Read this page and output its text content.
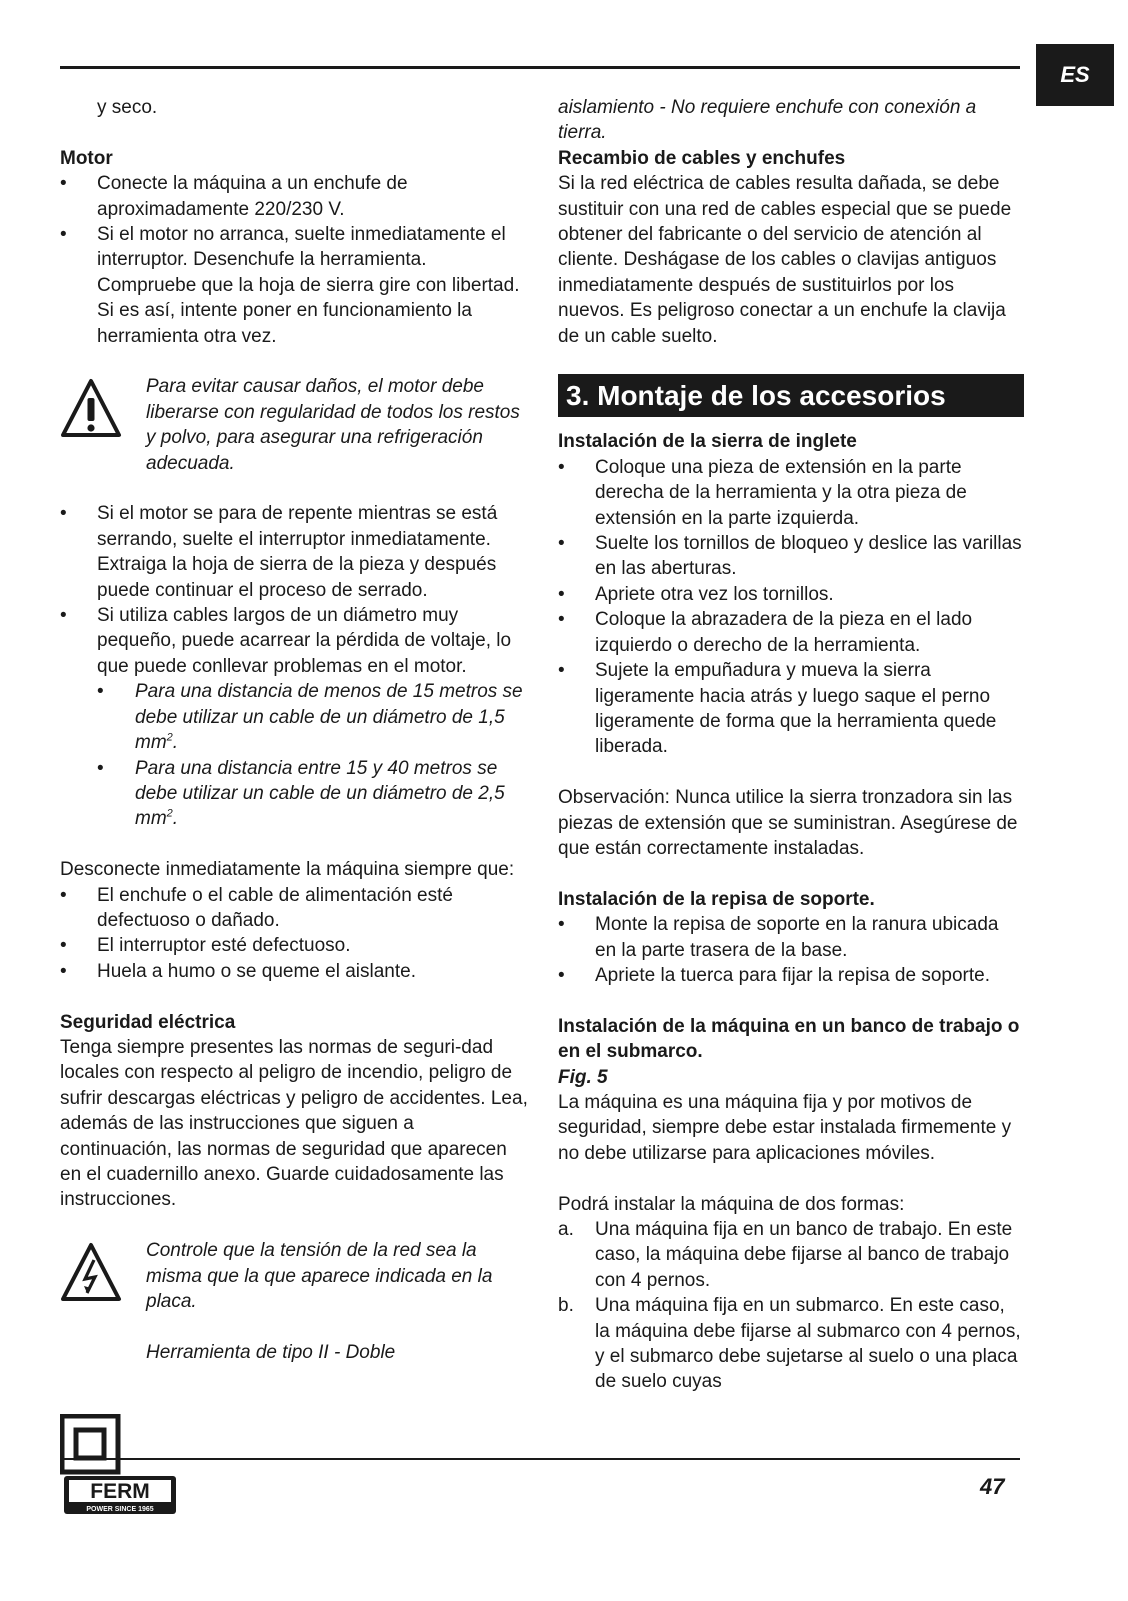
ES

y seco.

Motor

•	Conecte la máquina a un enchufe de aproximadamente 220/230 V.
•	Si el motor no arranca, suelte inmediatamente el interruptor. Desenchufe la herramienta. Compruebe que la hoja de sierra gire con libertad. Si es así, intente poner en funcionamiento la herramienta otra vez.
Para evitar causar daños, el motor debe liberarse con regularidad de todos los restos y polvo, para asegurar una refrigeración adecuada.
•	Si el motor se para de repente mientras se está serrando, suelte el interruptor inmediatamente. Extraiga la hoja de sierra de la pieza y después puede continuar el proceso de serrado.
•	Si utiliza cables largos de un diámetro muy pequeño, puede acarrear la pérdida de voltaje, lo que puede conllevar problemas en el motor.
•	Para una distancia de menos de 15 metros se debe utilizar un cable de un diámetro de 1,5 $mm^2$.
•	Para una distancia entre 15 y 40 metros se debe utilizar un cable de un diámetro de 2,5 $mm^2$.

Desconecte inmediatamente la máquina siempre que:

•	El enchufe o el cable de alimentación esté defectuoso o dañado.
•	El interruptor esté defectuoso.
•	Huela a humo o se queme el aislante.

Seguridad eléctrica

Tenga siempre presentes las normas de seguri-dad locales con respecto al peligro de incendio, peligro de sufrir descargas eléctricas y peligro de accidentes. Lea, además de las instrucciones que siguen a continuación, las normas de seguridad que aparecen en el cuadernillo anexo. Guarde cuidadosamente las instrucciones.

Controle que la tensión de la red sea la misma que la que aparece indicada en la placa.
Herramienta de tipo II - Doble

aislamiento - No requiere enchufe con conexión a tierra.

Recambio de cables y enchufes

Si la red eléctrica de cables resulta dañada, se debe sustituir con una red de cables especial que se puede obtener del fabricante o del servicio de atención al cliente. Deshágase de los cables o clavijas antiguos inmediatamente después de sustituirlos por los nuevos. Es peligroso conectar a un enchufe la clavija de un cable suelto.

3. Montaje de los accesorios

Instalación de la sierra de inglete

•	Coloque una pieza de extensión en la parte derecha de la herramienta y la otra pieza de extensión en la parte izquierda.
•	Suelte los tornillos de bloqueo y deslice las varillas en las aberturas.
•	Apriete otra vez los tornillos.
•	Coloque la abrazadera de la pieza en el lado izquierdo o derecho de la herramienta.
•	Sujete la empuñadura y mueva la sierra ligeramente hacia atrás y luego saque el perno ligeramente de forma que la herramienta quede liberada.

Observación: Nunca utilice la sierra tronzadora sin las piezas de extensión que se suministran. Asegúrese de que están correctamente instaladas.

Instalación de la repisa de soporte.

•	Monte la repisa de soporte en la ranura ubicada en la parte trasera de la base.
•	Apriete la tuerca para fijar la repisa de soporte.

Instalación de la máquina en un banco de trabajo o en el submarco.

Fig. 5

La máquina es una máquina fija y por motivos de seguridad, siempre debe estar instalada firmemente y no debe utilizarse para aplicaciones móviles.

Podrá instalar la máquina de dos formas:

a.	Una máquina fija en un banco de trabajo. En este caso, la máquina debe fijarse al banco de trabajo con 4 pernos.
b.	Una máquina fija en un submarco. En este caso, la máquina debe fijarse al submarco con 4 pernos, y el submarco debe sujetarse al suelo o una placa de suelo cuyas
FERM
POWER SINCE 1965
47
